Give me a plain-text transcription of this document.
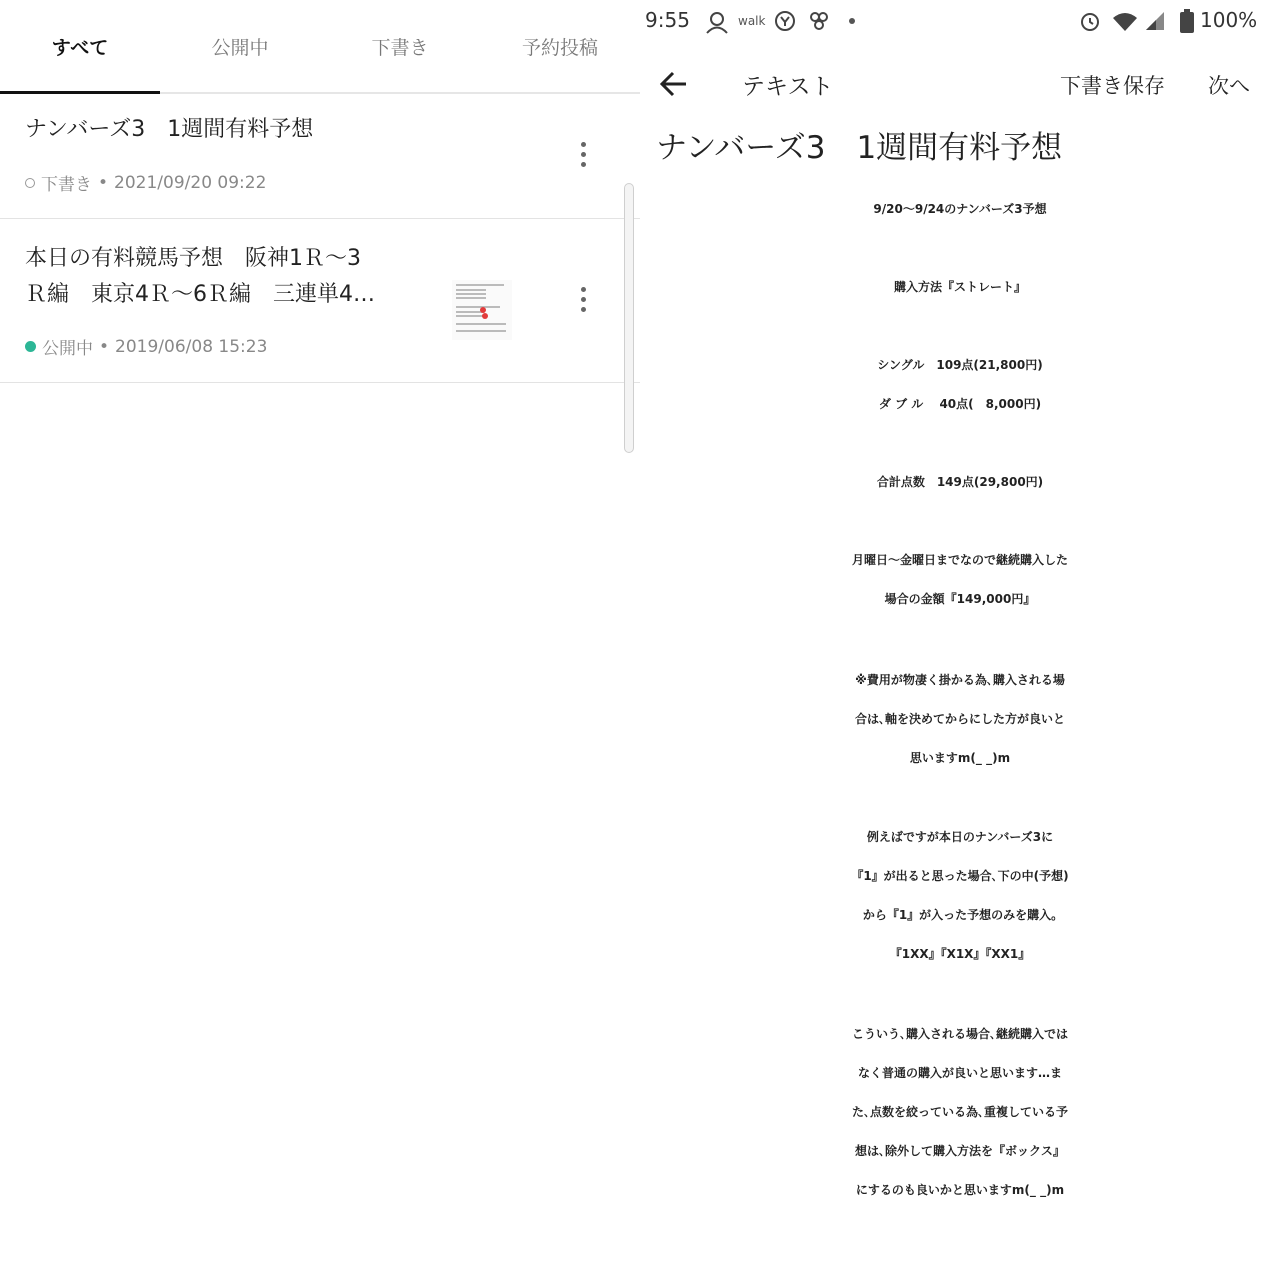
すべて	公開中	下書き	予約投稿
ナンバーズ3　1週間有料予想
下書き • 2021/09/20 09:22
本日の有料競馬予想　阪神1Ｒ～3
Ｒ編　東京4Ｒ～6Ｒ編　三連単4…
公開中 • 2019/06/08 15:23
9:55	walk	100%
テキスト	下書き保存 次へ
ナンバーズ3　1週間有料予想
9/20～9/24のナンバーズ3予想
購入方法『ストレート』
シングル　109点(21,800円)
ダ ブ ル　 40点(　8,000円)
合計点数　149点(29,800円)
月曜日～金曜日までなので継続購入した
場合の金額『149,000円』
※費用が物凄く掛かる為､購入される場
合は､軸を決めてからにした方が良いと
思いますm(_ _)m
例えばですが本日のナンバーズ3に
『1』が出ると思った場合､下の中(予想)
から『1』が入った予想のみを購入｡
『1XX』『X1X』『XX1』
こういう､購入される場合､継続購入では
なく普通の購入が良いと思います…ま
た､点数を絞っている為､重複している予
想は､除外して購入方法を『ボックス』
にするのも良いかと思いますm(_ _)m
